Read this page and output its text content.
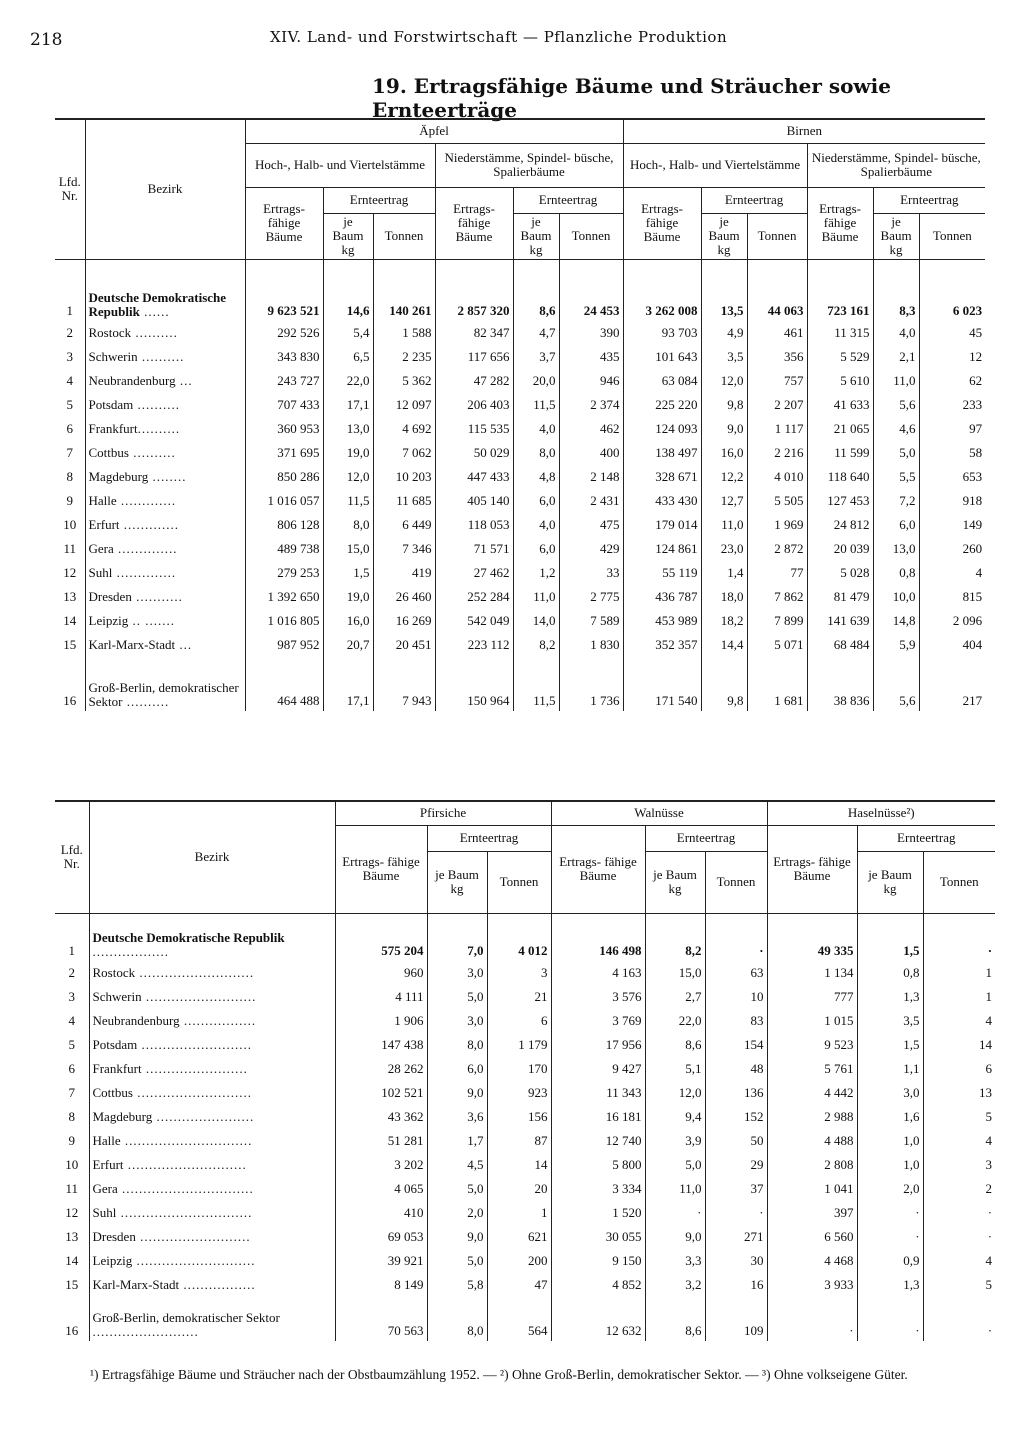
218	XIV. Land- und Forstwirtschaft — Pflanzliche Produktion
19. Ertragsfähige Bäume und Sträucher sowie Ernteerträge
Lfd. Nr.	Bezirk	Äpfel						Birnen					
		Hoch-, Halb- und Viertelstämme			Niederstämme, Spindel- büsche, Spalierbäume			Hoch-, Halb- und Viertelstämme			Niederstämme, Spindel- büsche, Spalierbäume		
		Ertrags- fähige Bäume	Ernteertrag		Ertrags- fähige Bäume	Ernteertrag		Ertrags- fähige Bäume	Ernteertrag		Ertrags- fähige Bäume	Ernteertrag	
			je Baum kg	Tonnen		je Baum kg	Tonnen		je Baum kg	Tonnen		je Baum kg	Tonnen

1	Deutsche Demokratische Republik ......	9 623 521	14,6	140 261	2 857 320	8,6	24 453	3 262 008	13,5	44 063	723 161	8,3	6 023
2	Rostock ..........	292 526	5,4	1 588	82 347	4,7	390	93 703	4,9	461	11 315	4,0	45
3	Schwerin ..........	343 830	6,5	2 235	117 656	3,7	435	101 643	3,5	356	5 529	2,1	12
4	Neubrandenburg ...	243 727	22,0	5 362	47 282	20,0	946	63 084	12,0	757	5 610	11,0	62
5	Potsdam ..........	707 433	17,1	12 097	206 403	11,5	2 374	225 220	9,8	2 207	41 633	5,6	233
6	Frankfurt..........	360 953	13,0	4 692	115 535	4,0	462	124 093	9,0	1 117	21 065	4,6	97
7	Cottbus ..........	371 695	19,0	7 062	50 029	8,0	400	138 497	16,0	2 216	11 599	5,0	58
8	Magdeburg ........	850 286	12,0	10 203	447 433	4,8	2 148	328 671	12,2	4 010	118 640	5,5	653
9	Halle .............	1 016 057	11,5	11 685	405 140	6,0	2 431	433 430	12,7	5 505	127 453	7,2	918
10	Erfurt .............	806 128	8,0	6 449	118 053	4,0	475	179 014	11,0	1 969	24 812	6,0	149
11	Gera ..............	489 738	15,0	7 346	71 571	6,0	429	124 861	23,0	2 872	20 039	13,0	260
12	Suhl ..............	279 253	1,5	419	27 462	1,2	33	55 119	1,4	77	5 028	0,8	4
13	Dresden ...........	1 392 650	19,0	26 460	252 284	11,0	2 775	436 787	18,0	7 862	81 479	10,0	815
14	Leipzig .. .......	1 016 805	16,0	16 269	542 049	14,0	7 589	453 989	18,2	7 899	141 639	14,8	2 096
15	Karl-Marx-Stadt ...	987 952	20,7	20 451	223 112	8,2	1 830	352 357	14,4	5 071	68 484	5,9	404
16	Groß-Berlin, demokratischer Sektor ..........	464 488	17,1	7 943	150 964	11,5	1 736	171 540	9,8	1 681	38 836	5,6	217
Lfd. Nr.	Bezirk	Pfirsiche			Walnüsse			Haselnüsse²)		
		Ertrags- fähige Bäume	Ernteertrag		Ertrags- fähige Bäume	Ernteertrag		Ertrags- fähige Bäume	Ernteertrag	
			je Baum kg	Tonnen		je Baum kg	Tonnen		je Baum kg	Tonnen

1	Deutsche Demokratische Republik ..................	575 204	7,0	4 012	146 498	8,2	·	49 335	1,5	·
2	Rostock ...........................	960	3,0	3	4 163	15,0	63	1 134	0,8	1
3	Schwerin ..........................	4 111	5,0	21	3 576	2,7	10	777	1,3	1
4	Neubrandenburg .................	1 906	3,0	6	3 769	22,0	83	1 015	3,5	4
5	Potsdam ..........................	147 438	8,0	1 179	17 956	8,6	154	9 523	1,5	14
6	Frankfurt ........................	28 262	6,0	170	9 427	5,1	48	5 761	1,1	6
7	Cottbus ...........................	102 521	9,0	923	11 343	12,0	136	4 442	3,0	13
8	Magdeburg .......................	43 362	3,6	156	16 181	9,4	152	2 988	1,6	5
9	Halle ..............................	51 281	1,7	87	12 740	3,9	50	4 488	1,0	4
10	Erfurt ............................	3 202	4,5	14	5 800	5,0	29	2 808	1,0	3
11	Gera ...............................	4 065	5,0	20	3 334	11,0	37	1 041	2,0	2
12	Suhl ...............................	410	2,0	1	1 520	·	·	397	·	·
13	Dresden ..........................	69 053	9,0	621	30 055	9,0	271	6 560	·	·
14	Leipzig ............................	39 921	5,0	200	9 150	3,3	30	4 468	0,9	4
15	Karl-Marx-Stadt .................	8 149	5,8	47	4 852	3,2	16	3 933	1,3	5
16	Groß-Berlin, demokratischer Sektor .........................	70 563	8,0	564	12 632	8,6	109	·	·	·
¹) Ertragsfähige Bäume und Sträucher nach der Obstbaumzählung 1952. — ²) Ohne Groß-Berlin, demokratischer Sektor. — ³) Ohne volkseigene Güter.
